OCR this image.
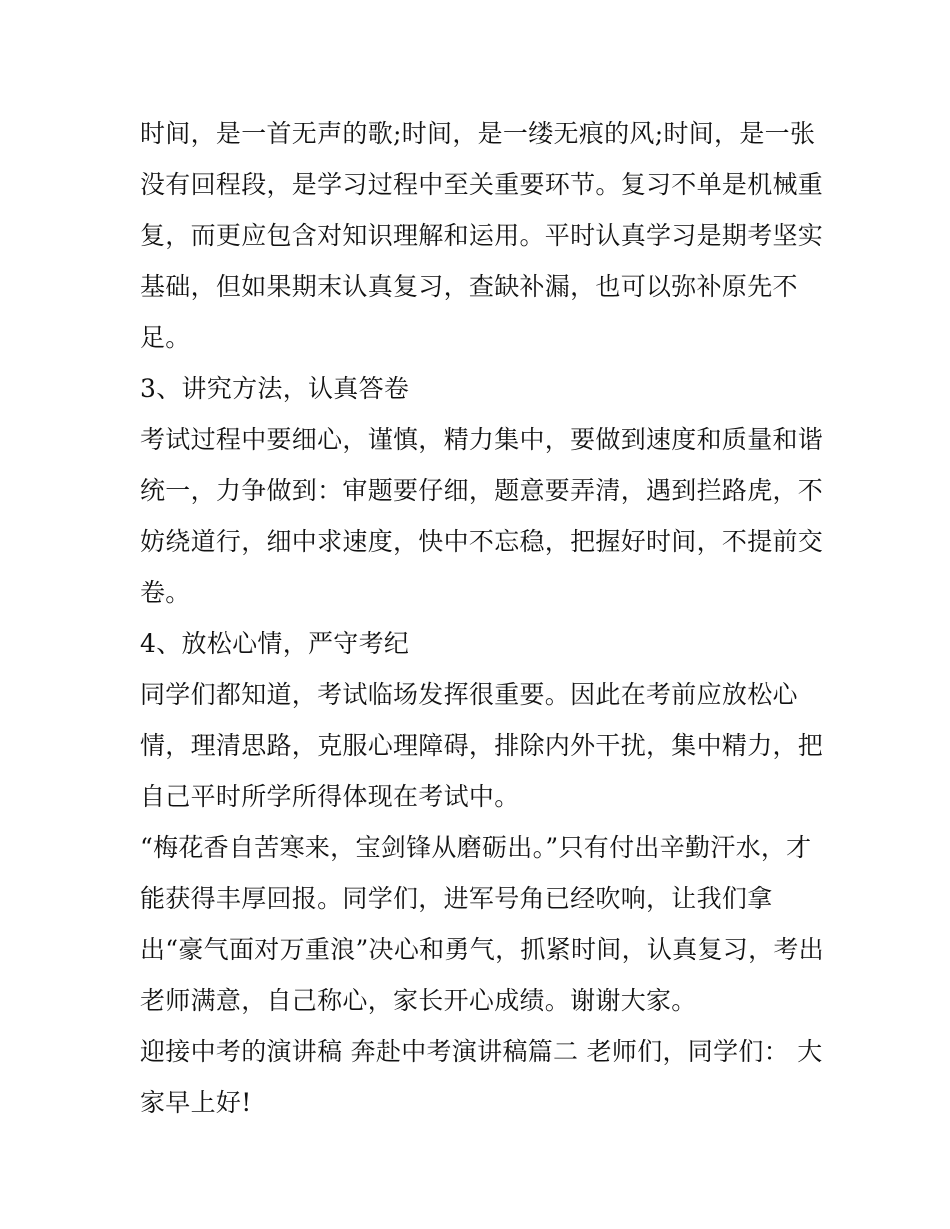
时间，是一首无声的歌;时间，是一缕无痕的风;时间，是一张
没有回程段，是学习过程中至关重要环节。复习不单是机械重
复，而更应包含对知识理解和运用。平时认真学习是期考坚实
基础，但如果期末认真复习，查缺补漏，也可以弥补原先不
足。
3、讲究方法，认真答卷
考试过程中要细心，谨慎，精力集中，要做到速度和质量和谐
统一，力争做到：审题要仔细，题意要弄清，遇到拦路虎，不
妨绕道行，细中求速度，快中不忘稳，把握好时间，不提前交
卷。
4、放松心情，严守考纪
同学们都知道，考试临场发挥很重要。因此在考前应放松心
情，理清思路，克服心理障碍，排除内外干扰，集中精力，把
自己平时所学所得体现在考试中。
“梅花香自苦寒来，宝剑锋从磨砺出。”只有付出辛勤汗水，才
能获得丰厚回报。同学们，进军号角已经吹响，让我们拿
出“豪气面对万重浪”决心和勇气，抓紧时间，认真复习，考出
老师满意，自己称心，家长开心成绩。谢谢大家。
迎接中考的演讲稿 奔赴中考演讲稿篇二 老师们，同学们： 大
家早上好!
